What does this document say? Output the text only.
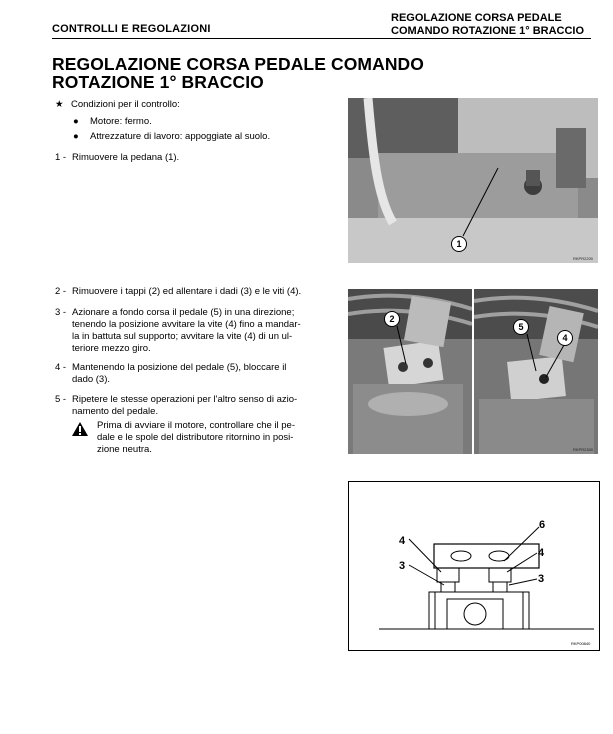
CONTROLLI E REGOLAZIONI
REGOLAZIONE CORSA PEDALE
COMANDO ROTAZIONE 1° BRACCIO
REGOLAZIONE CORSA PEDALE COMANDO
ROTAZIONE 1° BRACCIO
★ Condizioni per il controllo:
● Motore: fermo.
● Attrezzature di lavoro: appoggiate al suolo.
1 - Rimuovere la pedana (1).
2 - Rimuovere i tappi (2) ed allentare i dadi (3) e le viti (4).
3 - Azionare a fondo corsa il pedale (5) in una direzione;
tenendo la posizione avvitare la vite (4) fino a mandar-
la in battuta sul supporto; avvitare la vite (4) di un ul-
teriore mezzo giro.
4 - Mantenendo la posizione del pedale (5), bloccare il
dado (3).
5 - Ripetere le stesse operazioni per l'altro senso di azio-
namento del pedale.
Prima di avviare il motore, controllare che il pe-
dale e le spole del distributore ritornino in posi-
zione neutra.
1
RKPR2200
2
5
4
RKPR2300
6
4
4
3
3
RKP00840
